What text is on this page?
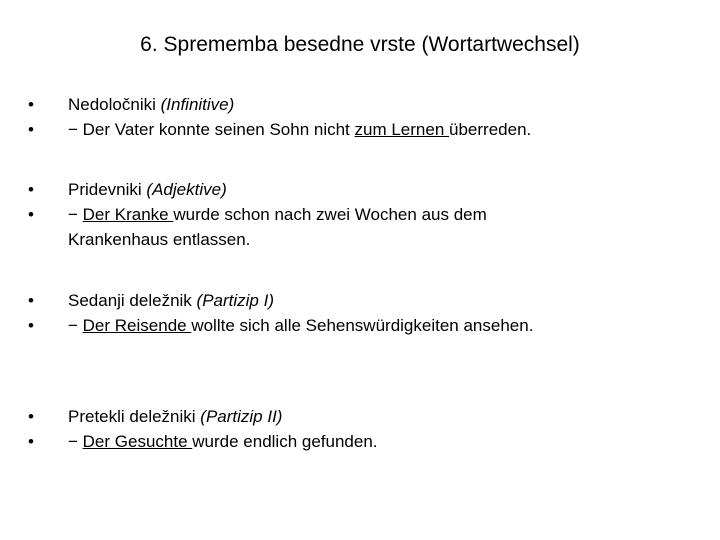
6. Sprememba besedne vrste (Wortartwechsel)
•	Nedoločniki (Infinitive)
•	− Der Vater konnte seinen Sohn nicht zum Lernen überreden.
•	Pridevniki (Adjektive)
•	− Der Kranke wurde schon nach zwei Wochen aus dem Krankenhaus entlassen.
•	Sedanji deležnik (Partizip I)
•	− Der Reisende wollte sich alle Sehenswürdigkeiten ansehen.
•	Pretekli deležniki (Partizip II)
•	− Der Gesuchte wurde endlich gefunden.
